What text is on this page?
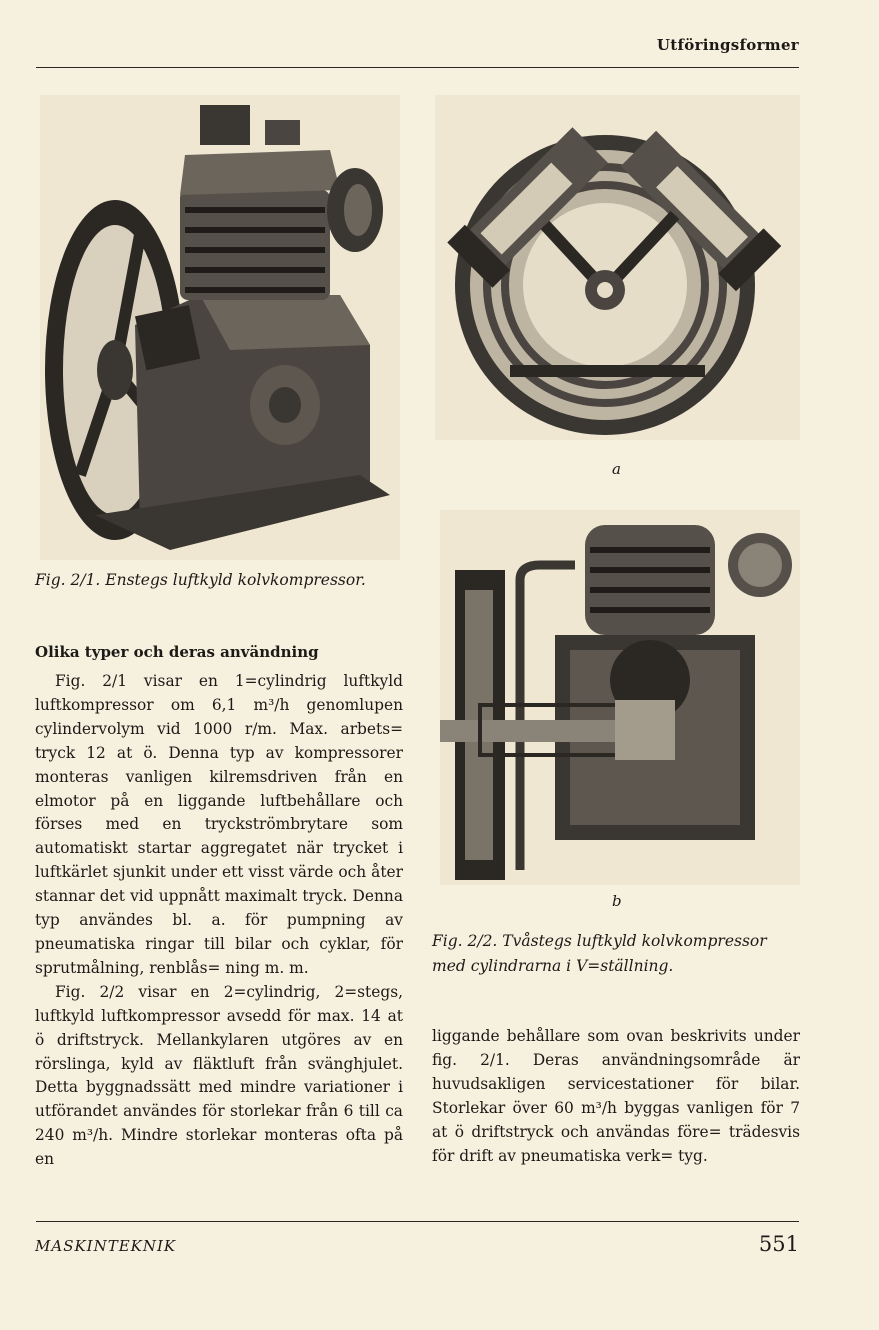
Utföringsformer
Fig. 2/1. Enstegs luftkyld kolvkompressor.
a
b
Fig. 2/2. Tvåstegs luftkyld kolvkompressor
med cylindrarna i V=ställning.
Olika typer och deras användning

Fig. 2/1 visar en 1=cylindrig luftkyld luftkompressor om 6,1 m³/h genomlupen cylindervolym vid 1000 r/m. Max. arbets= tryck 12 at ö. Denna typ av kompressorer monteras vanligen kilremsdriven från en elmotor på en liggande luftbehållare och förses med en tryckströmbrytare som automatiskt startar aggregatet när trycket i luftkärlet sjunkit under ett visst värde och åter stannar det vid uppnått maximalt tryck. Denna typ användes bl. a. för pumpning av pneumatiska ringar till bilar och cyklar, för sprutmålning, renblås= ning m. m.

Fig. 2/2 visar en 2=cylindrig, 2=stegs, luftkyld luftkompressor avsedd för max. 14 at ö driftstryck. Mellankylaren utgöres av en rörslinga, kyld av fläktluft från svänghjulet. Detta byggnadssätt med mindre variationer i utförandet användes för storlekar från 6 till ca 240 m³/h. Mindre storlekar monteras ofta på en

liggande behållare som ovan beskrivits under fig. 2/1. Deras användningsområde är huvudsakligen servicestationer för bilar. Storlekar över 60 m³/h byggas vanligen för 7 at ö driftstryck och användas före= trädesvis för drift av pneumatiska verk= tyg.

MASKINTEKNIK	551
